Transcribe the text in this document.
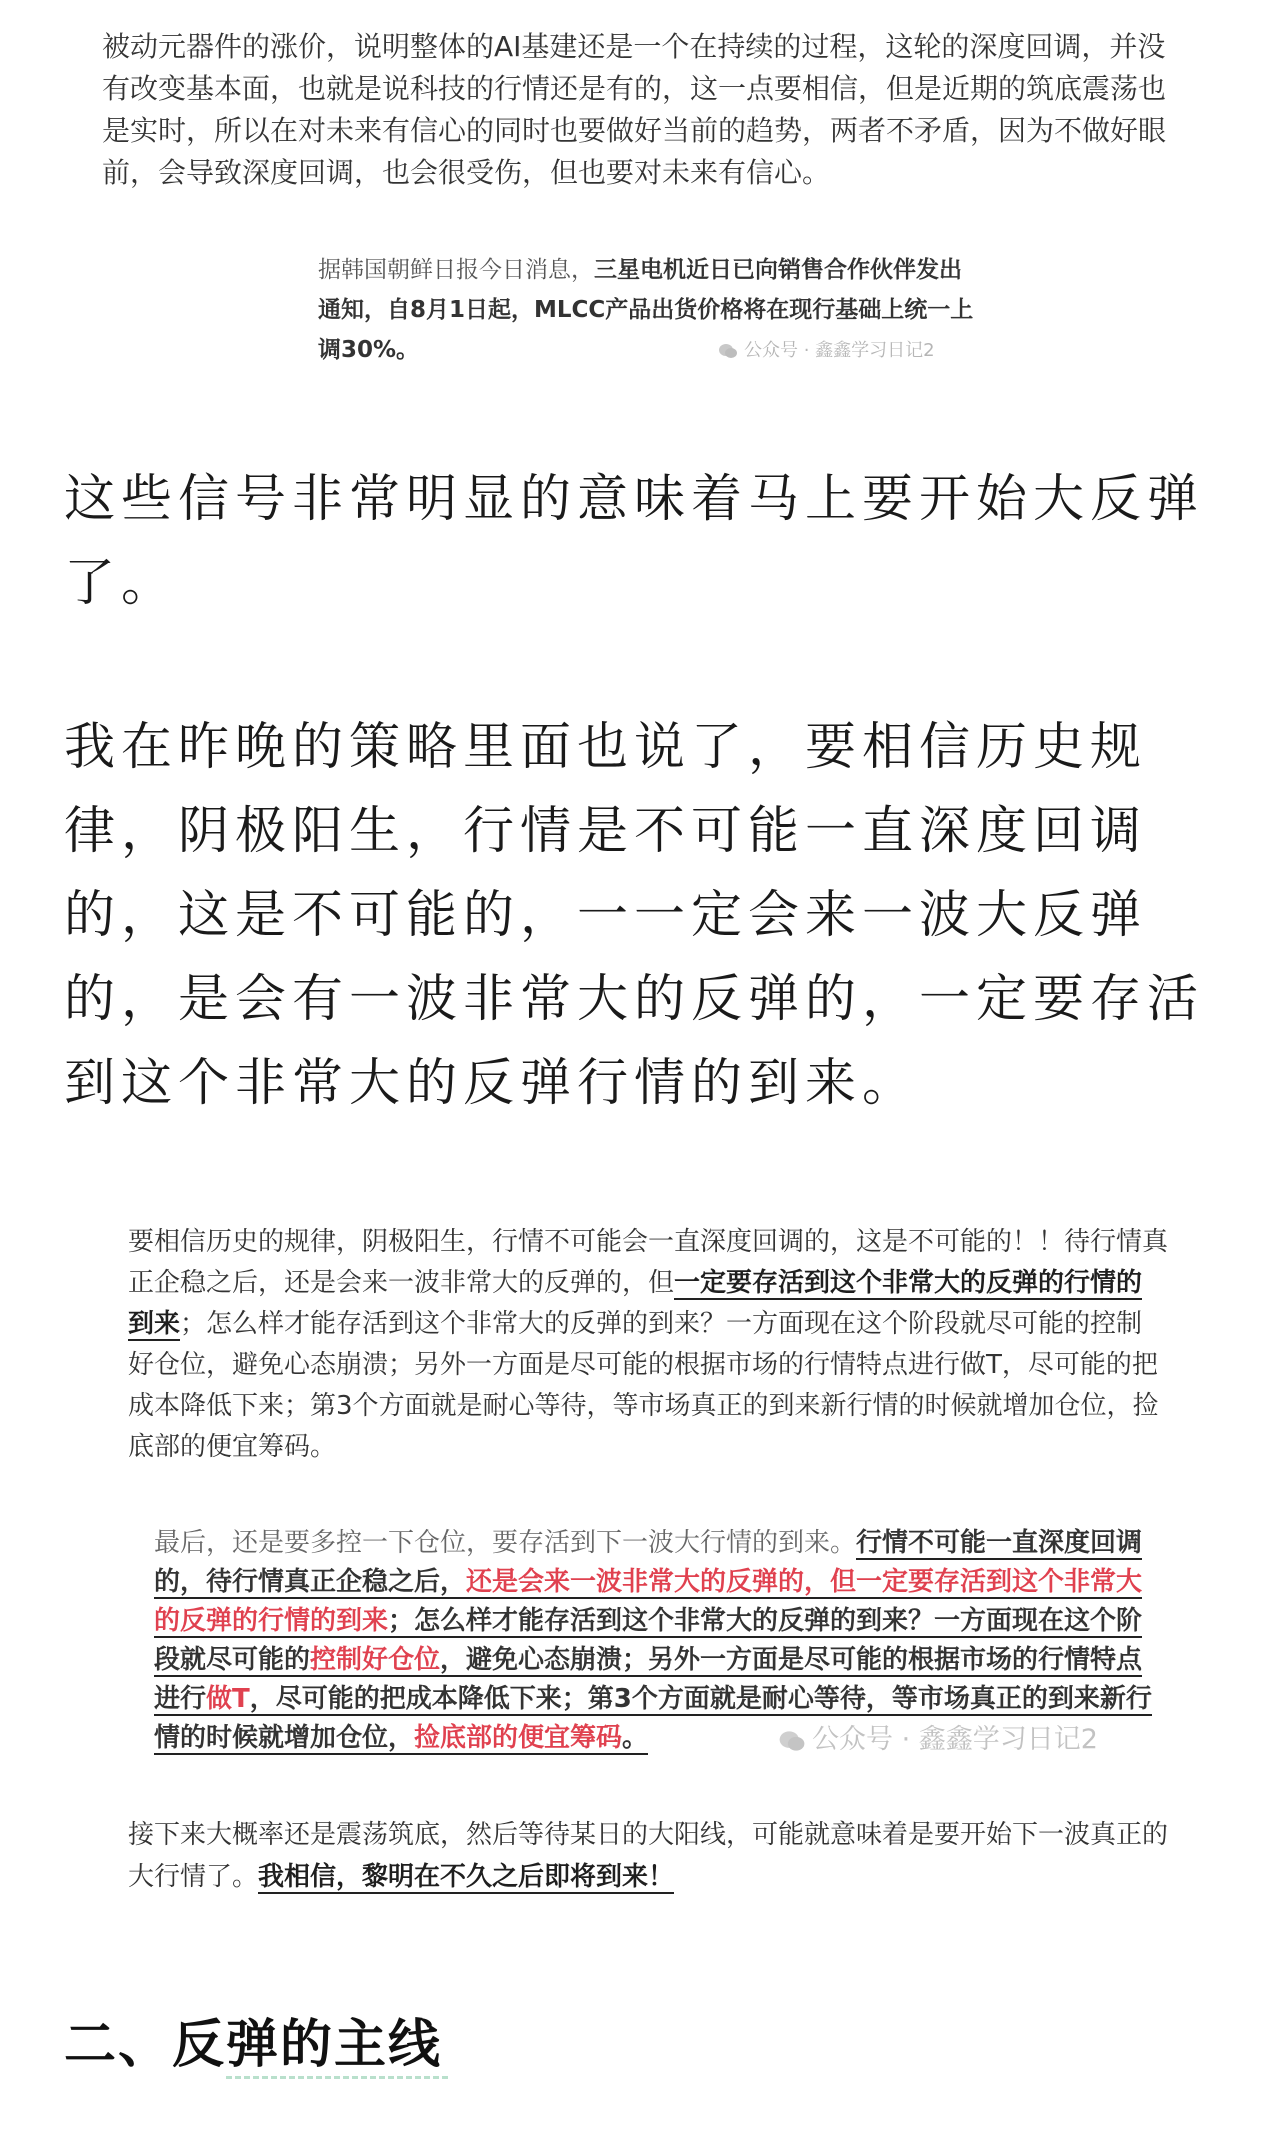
被动元器件的涨价，说明整体的AI基建还是一个在持续的过程，这轮的深度回调，并没有改变基本面，也就是说科技的行情还是有的，这一点要相信，但是近期的筑底震荡也是实时，所以在对未来有信心的同时也要做好当前的趋势，两者不矛盾，因为不做好眼前，会导致深度回调，也会很受伤，但也要对未来有信心。
据韩国朝鲜日报今日消息，三星电机近日已向销售合作伙伴发出通知，自8月1日起，MLCC产品出货价格将在现行基础上统一上调30%。	公众号 · 鑫鑫学习日记2
这些信号非常明显的意味着马上要开始大反弹了。
我在昨晚的策略里面也说了，要相信历史规律，阴极阳生，行情是不可能一直深度回调的，这是不可能的，一一定会来一波大反弹的，是会有一波非常大的反弹的，一定要存活到这个非常大的反弹行情的到来。
要相信历史的规律，阴极阳生，行情不可能会一直深度回调的，这是不可能的！！待行情真正企稳之后，还是会来一波非常大的反弹的，但一定要存活到这个非常大的反弹的行情的到来；怎么样才能存活到这个非常大的反弹的到来？一方面现在这个阶段就尽可能的控制好仓位，避免心态崩溃；另外一方面是尽可能的根据市场的行情特点进行做T，尽可能的把成本降低下来；第3个方面就是耐心等待，等市场真正的到来新行情的时候就增加仓位，捡底部的便宜筹码。
最后，还是要多控一下仓位，要存活到下一波大行情的到来。行情不可能一直深度回调的，待行情真正企稳之后，还是会来一波非常大的反弹的，但一定要存活到这个非常大的反弹的行情的到来；怎么样才能存活到这个非常大的反弹的到来？一方面现在这个阶段就尽可能的控制好仓位，避免心态崩溃；另外一方面是尽可能的根据市场的行情特点进行做T，尽可能的把成本降低下来；第3个方面就是耐心等待，等市场真正的到来新行情的时候就增加仓位，捡底部的便宜筹码。	公众号 · 鑫鑫学习日记2
接下来大概率还是震荡筑底，然后等待某日的大阳线，可能就意味着是要开始下一波真正的大行情了。我相信，黎明在不久之后即将到来！
二、反弹的主线
